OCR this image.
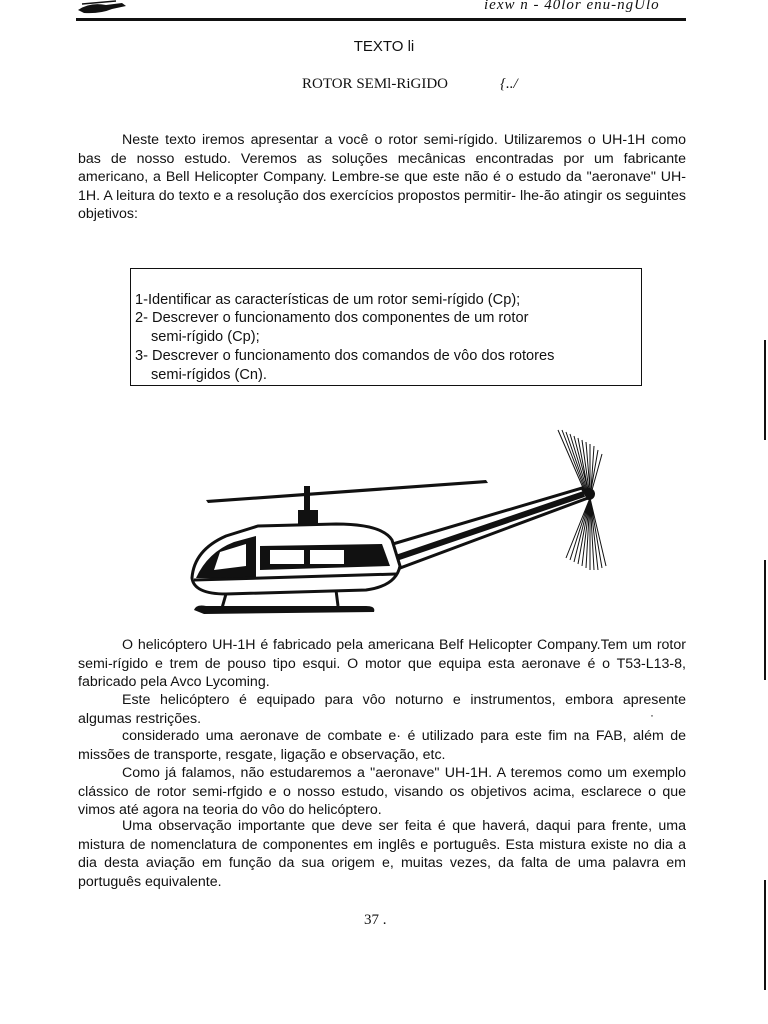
iexw n - 40lor enu-ngUlo
TEXTO li
ROTOR SEMl-RiGIDO	{../

Neste texto iremos apresentar a você o rotor semi-rígido. Utilizaremos o UH-1H como bas de nosso estudo. Veremos as soluções mecânicas encontradas por um fabricante americano, a Bell Helicopter Company. Lembre-se que este não é o estudo da "aeronave" UH-1H. A leitura do texto e a resolução dos exercícios propostos permitir- lhe-ão atingir os seguintes objetivos:

1-Identificar as características de um rotor semi-rígido (Cp);
2- Descrever o funcionamento dos componentes de um rotor
semi-rígido (Cp);
3- Descrever o funcionamento dos comandos de vôo dos rotores
semi-rígidos (Cn).

O helicóptero UH-1H é fabricado pela americana Belf Helicopter Company.Tem um rotor semi-rígido e trem de pouso tipo esqui. O motor que equipa esta aeronave é o T53-L13-8, fabricado pela Avco Lycoming.

Este helicóptero é equipado para vôo noturno e instrumentos, embora apresente algumas restrições.	·

considerado uma aeronave de combate e· é utilizado para este fim na FAB, além de missões de transporte, resgate, ligação e observação, etc.

Como já falamos, não estudaremos a "aeronave" UH-1H. A teremos como um exemplo clássico de rotor semi-rfgido e o nosso estudo, visando os objetivos acima, esclarece o que vimos até agora na teoria do vôo do helicóptero.

Uma observação importante que deve ser feita é que haverá, daqui para frente, uma mistura de nomenclatura de componentes em inglês e português. Esta mistura existe no dia a dia desta aviação em função da sua origem e, muitas vezes, da falta de uma palavra em português equivalente.

37 .
